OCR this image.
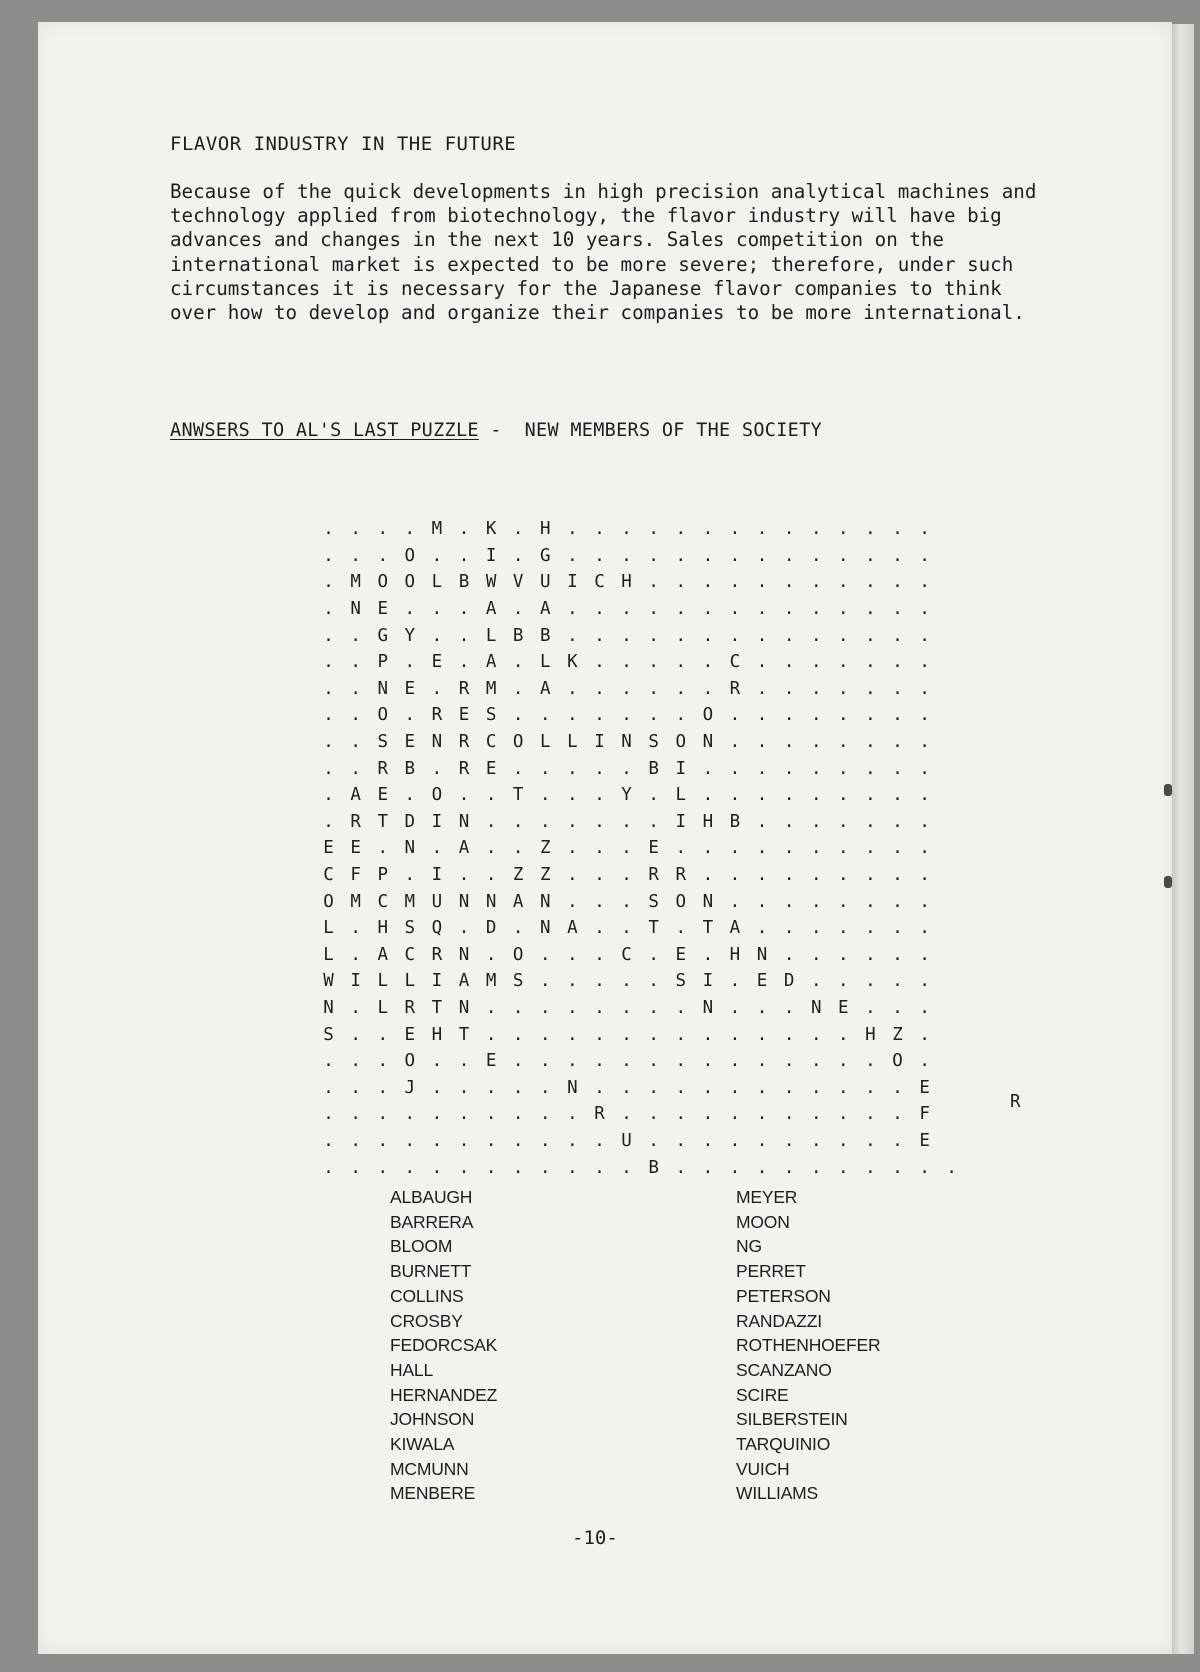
FLAVOR INDUSTRY IN THE FUTURE
Because of the quick developments in high precision analytical machines and
technology applied from biotechnology, the flavor industry will have big
advances and changes in the next 10 years. Sales competition on the
international market is expected to be more severe; therefore, under such
circumstances it is necessary for the Japanese flavor companies to think
over how to develop and organize their companies to be more international.
ANWSERS TO AL'S LAST PUZZLE -  NEW MEMBERS OF THE SOCIETY
. . . . M . K . H . . . . . . . . . . . . . .
. . . O . . I . G . . . . . . . . . . . . . .
. M O O L B W V U I C H . . . . . . . . . . .
. N E . . . A . A . . . . . . . . . . . . . .
. . G Y . . L B B . . . . . . . . . . . . . .
. . P . E . A . L K . . . . . C . . . . . . .
. . N E . R M . A . . . . . . R . . . . . . .
. . O . R E S . . . . . . . O . . . . . . . .
. . S E N R C O L L I N S O N . . . . . . . .
. . R B . R E . . . . . B I . . . . . . . . .
. A E . O . . T . . . Y . L . . . . . . . . .
. R T D I N . . . . . . . I H B . . . . . . .
E E . N . A . . Z . . . E . . . . . . . . . .
C F P . I . . Z Z . . . R R . . . . . . . . .
O M C M U N N A N . . . S O N . . . . . . . .
L . H S Q . D . N A . . T . T A . . . . . . .
L . A C R N . O . . . C . E . H N . . . . . .
W I L L I A M S . . . . . S I . E D . . . . .
N . L R T N . . . . . . . . N . . . N E . . .
S . . E H T . . . . . . . . . . . . . . H Z .
. . . O . . E . . . . . . . . . . . . . . O .
. . . J . . . . . N . . . . . . . . . . . . E
. . . . . . . . . . R . . . . . . . . . . . F
. . . . . . . . . . . U . . . . . . . . . . E
. . . . . . . . . . . . B . . . . . . . . . . .
R
ALBAUGH
BARRERA
BLOOM
BURNETT
COLLINS
CROSBY
FEDORCSAK
HALL
HERNANDEZ
JOHNSON
KIWALA
MCMUNN
MENBERE
MEYER
MOON
NG
PERRET
PETERSON
RANDAZZI
ROTHENHOEFER
SCANZANO
SCIRE
SILBERSTEIN
TARQUINIO
VUICH
WILLIAMS
-10-
